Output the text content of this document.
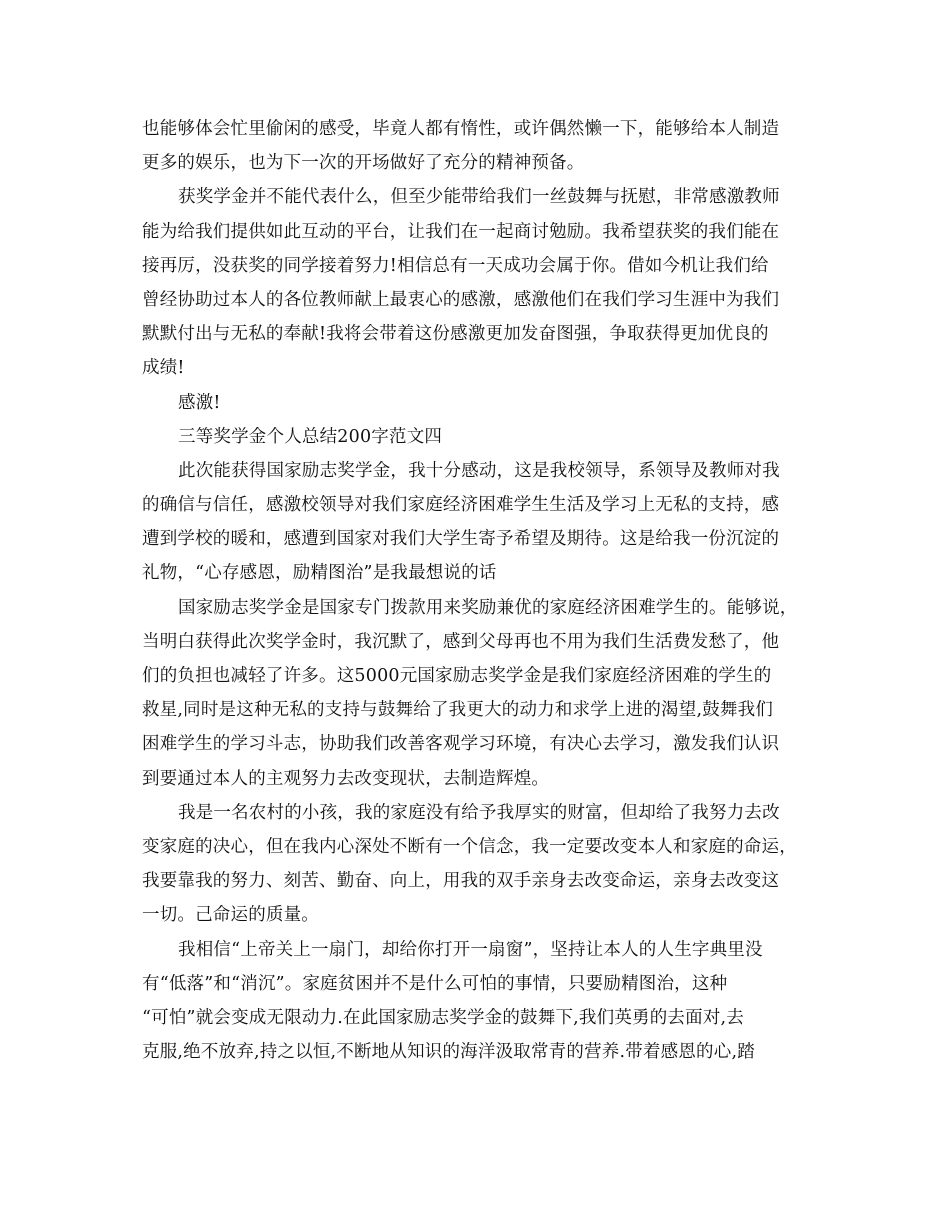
也能够体会忙里偷闲的感受，毕竟人都有惰性，或许偶然懒一下，能够给本人制造
更多的娱乐，也为下一次的开场做好了充分的精神预备。
获奖学金并不能代表什么，但至少能带给我们一丝鼓舞与抚慰，非常感激教师
能为给我们提供如此互动的平台，让我们在一起商讨勉励。我希望获奖的我们能在
接再厉，没获奖的同学接着努力!相信总有一天成功会属于你。借如今机让我们给
曾经协助过本人的各位教师献上最衷心的感激，感激他们在我们学习生涯中为我们
默默付出与无私的奉献!我将会带着这份感激更加发奋图强，争取获得更加优良的
成绩!
感激!
三等奖学金个人总结200字范文四
此次能获得国家励志奖学金，我十分感动，这是我校领导，系领导及教师对我
的确信与信任，感激校领导对我们家庭经济困难学生生活及学习上无私的支持，感
遭到学校的暖和，感遭到国家对我们大学生寄予希望及期待。这是给我一份沉淀的
礼物，“心存感恩，励精图治”是我最想说的话
国家励志奖学金是国家专门拨款用来奖励兼优的家庭经济困难学生的。能够说，
当明白获得此次奖学金时，我沉默了，感到父母再也不用为我们生活费发愁了，他
们的负担也减轻了许多。这5000元国家励志奖学金是我们家庭经济困难的学生的
救星,同时是这种无私的支持与鼓舞给了我更大的动力和求学上进的渴望,鼓舞我们
困难学生的学习斗志，协助我们改善客观学习环境，有决心去学习，激发我们认识
到要通过本人的主观努力去改变现状，去制造辉煌。
我是一名农村的小孩，我的家庭没有给予我厚实的财富，但却给了我努力去改
变家庭的决心，但在我内心深处不断有一个信念，我一定要改变本人和家庭的命运，
我要靠我的努力、刻苦、勤奋、向上，用我的双手亲身去改变命运，亲身去改变这
一切。己命运的质量。
我相信“上帝关上一扇门，却给你打开一扇窗”，坚持让本人的人生字典里没
有“低落”和“消沉”。家庭贫困并不是什么可怕的事情，只要励精图治，这种
“可怕”就会变成无限动力.在此国家励志奖学金的鼓舞下,我们英勇的去面对,去
克服,绝不放弃,持之以恒,不断地从知识的海洋汲取常青的营养.带着感恩的心,踏
